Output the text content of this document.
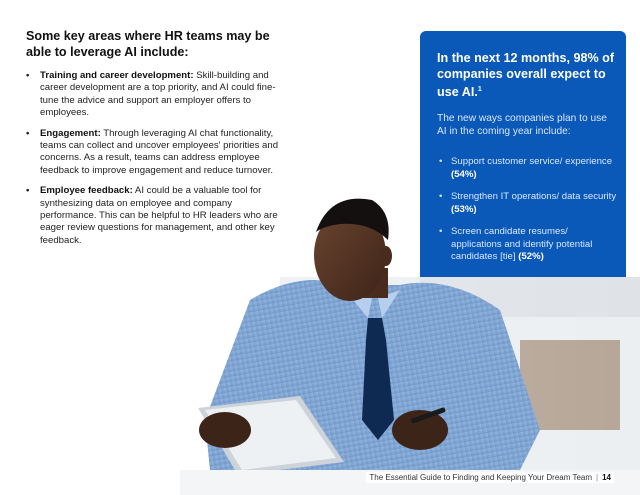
Some key areas where HR teams may be able to leverage AI include:
• Training and career development: Skill-building and career development are a top priority, and AI could fine-tune the advice and support an employer offers to employees.
• Engagement: Through leveraging AI chat functionality, teams can collect and uncover employees' priorities and concerns. As a result, teams can address employee feedback to improve engagement and reduce turnover.
• Employee feedback: AI could be a valuable tool for synthesizing data on employee and company performance. This can be helpful to HR leaders who are eager review questions for management, and other key feedback.
In the next 12 months, 98% of companies overall expect to use AI.$^1$
The new ways companies plan to use AI in the coming year include:
• Support customer service/ experience (54%)
• Strengthen IT operations/ data security (53%)
• Screen candidate resumes/ applications and identify potential candidates [tie] (52%)
The Essential Guide to Finding and Keeping Your Dream Team | 14
